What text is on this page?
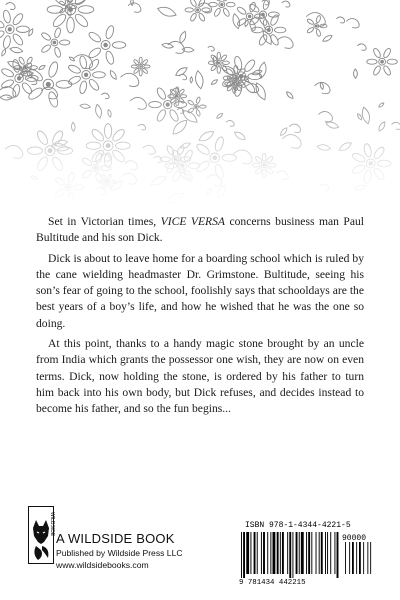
Set in Victorian times, VICE VERSA concerns business man Paul Bultitude and his son Dick.

Dick is about to leave home for a boarding school which is ruled by the cane wielding headmaster Dr. Grimstone. Bultitude, seeing his son’s fear of going to the school, foolishly says that schooldays are the best years of a boy’s life, and how he wished that he was the one so doing.

At this point, thanks to a handy magic stone brought by an uncle from India which grants the possessor one wish, they are now on even terms. Dick, now holding the stone, is ordered by his father to turn him back into his own body, but Dick refuses, and decides instead to become his father, and so the fun begins...

WILDSIDE
A WILDSIDE BOOK
Published by Wildside Press LLC
www.wildsidebooks.com
ISBN 978-1-4344-4221-5
90000
9 781434 442215
